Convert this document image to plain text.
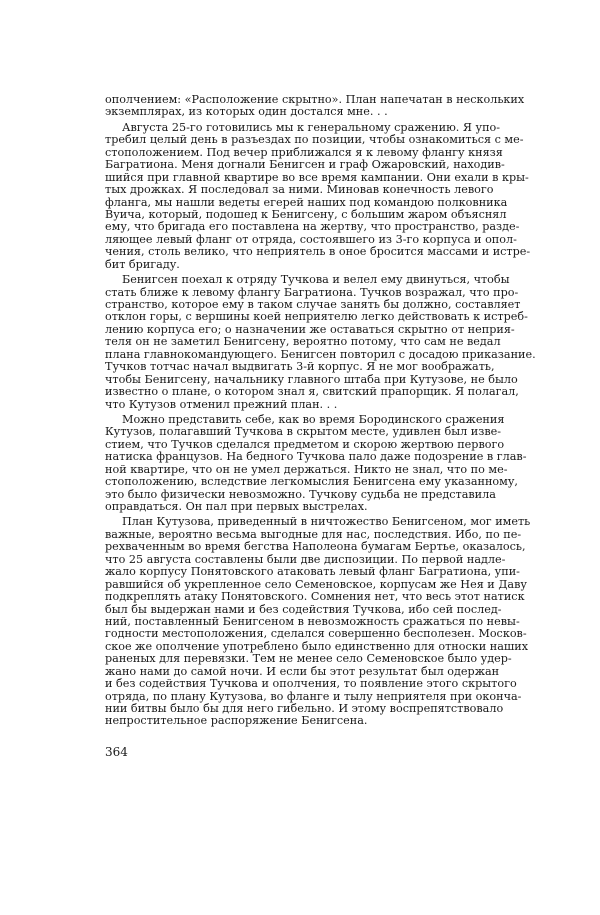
ополчением: «Расположение скрытно». План напечатан в нескольких
экземплярах, из которых один достался мне. . .
Августа 25-го готовились мы к генеральному сражению. Я упо-
требил целый день в разъездах по позиции, чтобы ознакомиться с ме-
стоположением. Под вечер приближался я к левому флангу князя
Багратиона. Меня догнали Бенигсен и граф Ожаровский, находив-
шийся при главной квартире во все время кампании. Они ехали в кры-
тых дрожках. Я последовал за ними. Миновав конечность левого
фланга, мы нашли ведеты егерей наших под командою полковника
Вуича, который, подошед к Бенигсену, с большим жаром объяснял
ему, что бригада его поставлена на жертву, что пространство, разде-
ляющее левый фланг от отряда, состоявшего из 3-го корпуса и опол-
чения, столь велико, что неприятель в оное бросится массами и истре-
бит бригаду.
Бенигсен поехал к отряду Тучкова и велел ему двинуться, чтобы
стать ближе к левому флангу Багратиона. Тучков возражал, что про-
странство, которое ему в таком случае занять бы должно, составляет
отклон горы, с вершины коей неприятелю легко действовать к истреб-
лению корпуса его; о назначении же оставаться скрытно от неприя-
теля он не заметил Бенигсену, вероятно потому, что сам не ведал
плана главнокомандующего. Бенигсен повторил с досадою приказание.
Тучков тотчас начал выдвигать 3-й корпус. Я не мог воображать,
чтобы Бенигсену, начальнику главного штаба при Кутузове, не было
известно о плане, о котором знал я, свитский прапорщик. Я полагал,
что Кутузов отменил прежний план. . .
Можно представить себе, как во время Бородинского сражения
Кутузов, полагавший Тучкова в скрытом месте, удивлен был изве-
стием, что Тучков сделался предметом и скорою жертвою первого
натиска французов. На бедного Тучкова пало даже подозрение в глав-
ной квартире, что он не умел держаться. Никто не знал, что по ме-
стоположению, вследствие легкомыслия Бенигсена ему указанному,
это было физически невозможно. Тучкову судьба не представила
оправдаться. Он пал при первых выстрелах.
План Кутузова, приведенный в ничтожество Бенигсеном, мог иметь
важные, вероятно весьма выгодные для нас, последствия. Ибо, по пе-
рехваченным во время бегства Наполеона бумагам Бертье, оказалось,
что 25 августа составлены были две диспозиции. По первой надле-
жало корпусу Понятовского атаковать левый фланг Багратиона, упи-
равшийся об укрепленное село Семеновское, корпусам же Нея и Даву
подкреплять атаку Понятовского. Сомнения нет, что весь этот натиск
был бы выдержан нами и без содействия Тучкова, ибо сей послед-
ний, поставленный Бенигсеном в невозможность сражаться по невы-
годности местоположения, сделался совершенно бесполезен. Москов-
ское же ополчение употреблено было единственно для относки наших
раненых для перевязки. Тем не менее село Семеновское было удер-
жано нами до самой ночи. И если бы этот результат был одержан
и без содействия Тучкова и ополчения, то появление этого скрытого
отряда, по плану Кутузова, во фланге и тылу неприятеля при оконча-
нии битвы было бы для него гибельно. И этому воспрепятствовало
непростительное распоряжение Бенигсена.
364
